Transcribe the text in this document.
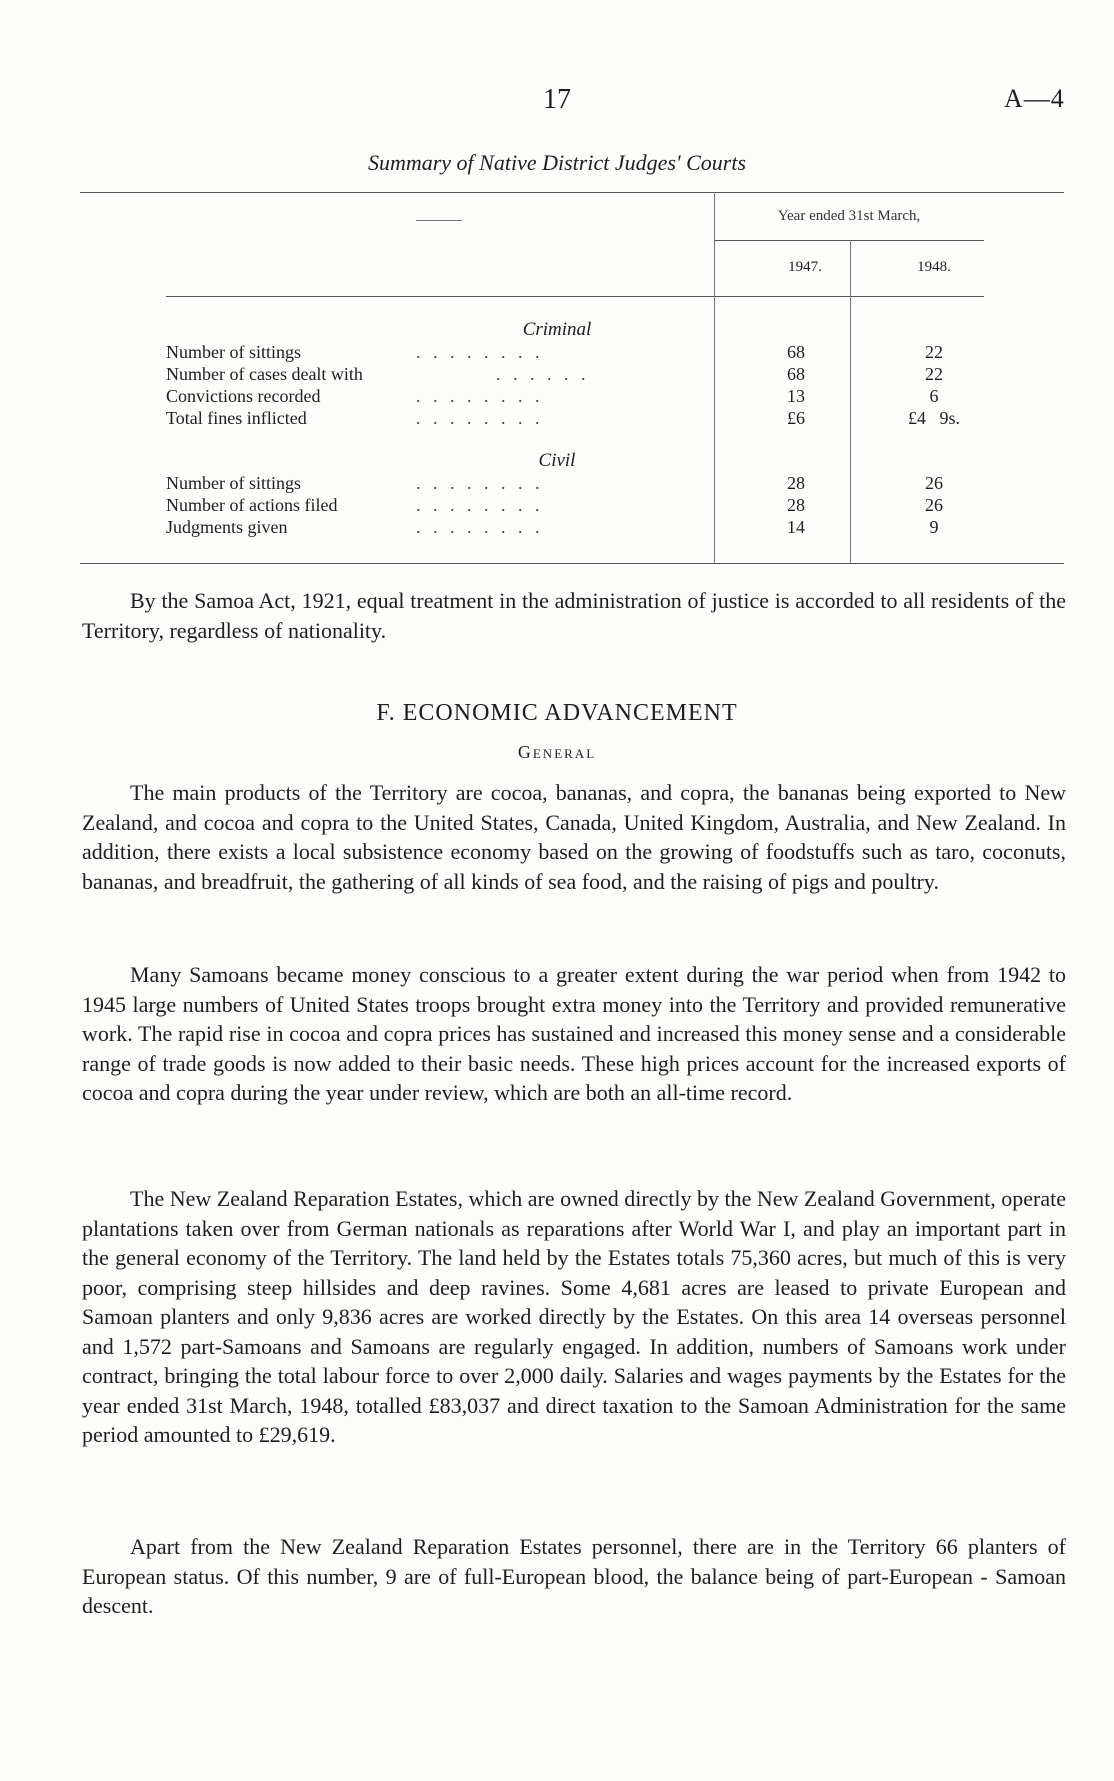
17	A—4
Summary of Native District Judges' Courts
Year ended 31st March,
1947.	1948.
Criminal
Number of sittings	. . . . . . . .	68	22
Number of cases dealt with	. . . . . .	68	22
Convictions recorded	. . . . . . . .	13	6
Total fines inflicted	. . . . . . . .	£6	£4   9s.
Civil
Number of sittings	. . . . . . . .	28	26
Number of actions filed	. . . . . . . .	28	26
Judgments given	. . . . . . . .	14	9

By the Samoa Act, 1921, equal treatment in the administration of justice is accorded to all residents of the Territory, regardless of nationality.

F. ECONOMIC ADVANCEMENT
General

The main products of the Territory are cocoa, bananas, and copra, the bananas being exported to New Zealand, and cocoa and copra to the United States, Canada, United Kingdom, Australia, and New Zealand. In addition, there exists a local subsistence economy based on the growing of foodstuffs such as taro, coconuts, bananas, and breadfruit, the gathering of all kinds of sea food, and the raising of pigs and poultry.

Many Samoans became money conscious to a greater extent during the war period when from 1942 to 1945 large numbers of United States troops brought extra money into the Territory and provided remunerative work. The rapid rise in cocoa and copra prices has sustained and increased this money sense and a considerable range of trade goods is now added to their basic needs. These high prices account for the increased exports of cocoa and copra during the year under review, which are both an all-time record.

The New Zealand Reparation Estates, which are owned directly by the New Zealand Government, operate plantations taken over from German nationals as reparations after World War I, and play an important part in the general economy of the Territory. The land held by the Estates totals 75,360 acres, but much of this is very poor, comprising steep hillsides and deep ravines. Some 4,681 acres are leased to private European and Samoan planters and only 9,836 acres are worked directly by the Estates. On this area 14 overseas personnel and 1,572 part-Samoans and Samoans are regularly engaged. In addition, numbers of Samoans work under contract, bringing the total labour force to over 2,000 daily. Salaries and wages payments by the Estates for the year ended 31st March, 1948, totalled £83,037 and direct taxation to the Samoan Administration for the same period amounted to £29,619.

Apart from the New Zealand Reparation Estates personnel, there are in the Territory 66 planters of European status. Of this number, 9 are of full-European blood, the balance being of part-European - Samoan descent.
